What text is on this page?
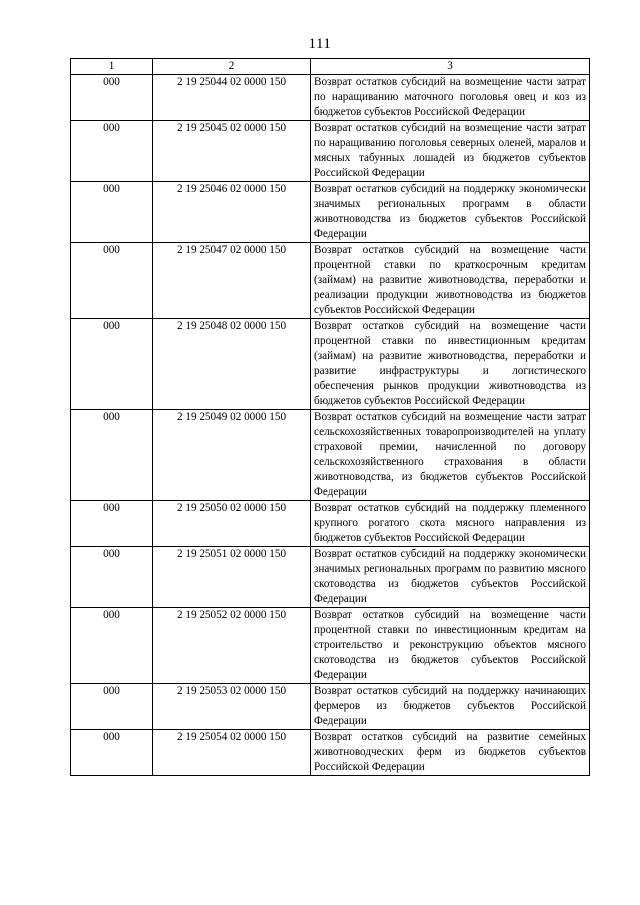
111
1	2	3
000	2 19 25044 02 0000 150	Возврат остатков субсидий на возмещение части затрат по наращиванию маточного поголовья овец и коз из бюджетов субъектов Российской Федерации
000	2 19 25045 02 0000 150	Возврат остатков субсидий на возмещение части затрат по наращиванию поголовья северных оленей, маралов и мясных табунных лошадей из бюджетов субъектов Российской Федерации
000	2 19 25046 02 0000 150	Возврат остатков субсидий на поддержку экономически значимых региональных программ в области животноводства из бюджетов субъектов Российской Федерации
000	2 19 25047 02 0000 150	Возврат остатков субсидий на возмещение части процентной ставки по краткосрочным кредитам (займам) на развитие животноводства, переработки и реализации продукции животноводства из бюджетов субъектов Российской Федерации
000	2 19 25048 02 0000 150	Возврат остатков субсидий на возмещение части процентной ставки по инвестиционным кредитам (займам) на развитие животноводства, переработки и развитие инфраструктуры и логистического обеспечения рынков продукции животноводства из бюджетов субъектов Российской Федерации
000	2 19 25049 02 0000 150	Возврат остатков субсидий на возмещение части затрат сельскохозяйственных товаропроизводителей на уплату страховой премии, начисленной по договору сельскохозяйственного страхования в области животноводства, из бюджетов субъектов Российской Федерации
000	2 19 25050 02 0000 150	Возврат остатков субсидий на поддержку племенного крупного рогатого скота мясного направления из бюджетов субъектов Российской Федерации
000	2 19 25051 02 0000 150	Возврат остатков субсидий на поддержку экономически значимых региональных программ по развитию мясного скотоводства из бюджетов субъектов Российской Федерации
000	2 19 25052 02 0000 150	Возврат остатков субсидий на возмещение части процентной ставки по инвестиционным кредитам на строительство и реконструкцию объектов мясного скотоводства из бюджетов субъектов Российской Федерации
000	2 19 25053 02 0000 150	Возврат остатков субсидий на поддержку начинающих фермеров из бюджетов субъектов Российской Федерации
000	2 19 25054 02 0000 150	Возврат остатков субсидий на развитие семейных животноводческих ферм из бюджетов субъектов Российской Федерации
